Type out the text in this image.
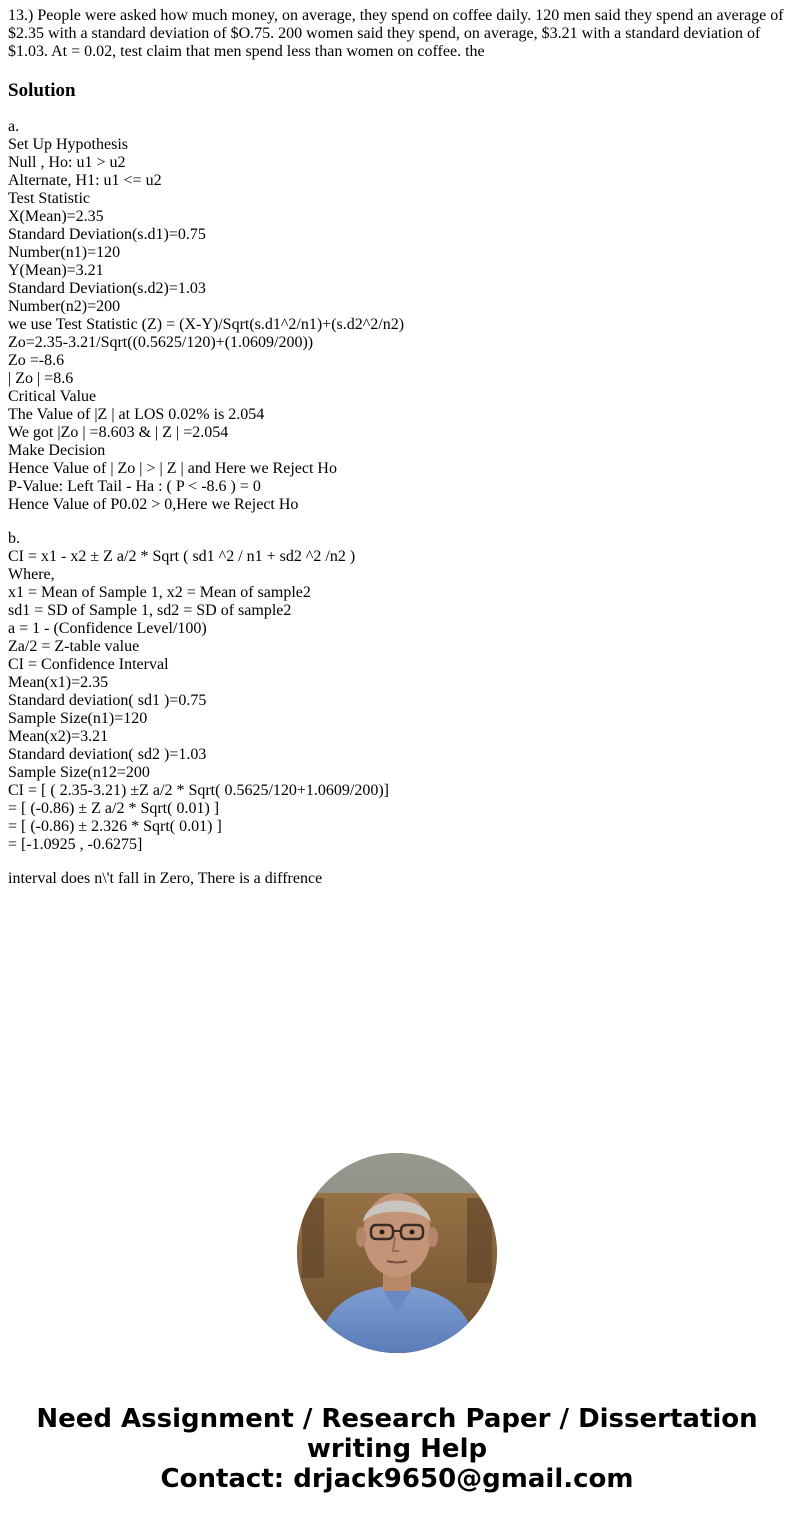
13.) People were asked how much money, on average, they spend on coffee daily. 120 men said they spend an average of $2.35 with a standard deviation of $O.75. 200 women said they spend, on average, $3.21 with a standard deviation of $1.03. At = 0.02, test claim that men spend less than women on coffee. the

Solution
a.
Set Up Hypothesis
Null , Ho: u1 > u2
Alternate, H1: u1 <= u2
Test Statistic
X(Mean)=2.35
Standard Deviation(s.d1)=0.75
Number(n1)=120
Y(Mean)=3.21
Standard Deviation(s.d2)=1.03
Number(n2)=200
we use Test Statistic (Z) = (X-Y)/Sqrt(s.d1^2/n1)+(s.d2^2/n2)
Zo=2.35-3.21/Sqrt((0.5625/120)+(1.0609/200))
Zo =-8.6
| Zo | =8.6
Critical Value
The Value of |Z | at LOS 0.02% is 2.054
We got |Zo | =8.603 & | Z | =2.054
Make Decision
Hence Value of | Zo | > | Z | and Here we Reject Ho
P-Value: Left Tail - Ha : ( P < -8.6 ) = 0
Hence Value of P0.02 > 0,Here we Reject Ho
b.
CI = x1 - x2 ± Z a/2 * Sqrt ( sd1 ^2 / n1 + sd2 ^2 /n2 )
Where,
x1 = Mean of Sample 1, x2 = Mean of sample2
sd1 = SD of Sample 1, sd2 = SD of sample2
a = 1 - (Confidence Level/100)
Za/2 = Z-table value
CI = Confidence Interval
Mean(x1)=2.35
Standard deviation( sd1 )=0.75
Sample Size(n1)=120
Mean(x2)=3.21
Standard deviation( sd2 )=1.03
Sample Size(n12=200
CI = [ ( 2.35-3.21) ±Z a/2 * Sqrt( 0.5625/120+1.0609/200)]
= [ (-0.86) ± Z a/2 * Sqrt( 0.01) ]
= [ (-0.86) ± 2.326 * Sqrt( 0.01) ]
= [-1.0925 , -0.6275]
interval does n\'t fall in Zero, There is a diffrence
Need Assignment / Research Paper / Dissertation
writing Help
Contact: drjack9650@gmail.com
